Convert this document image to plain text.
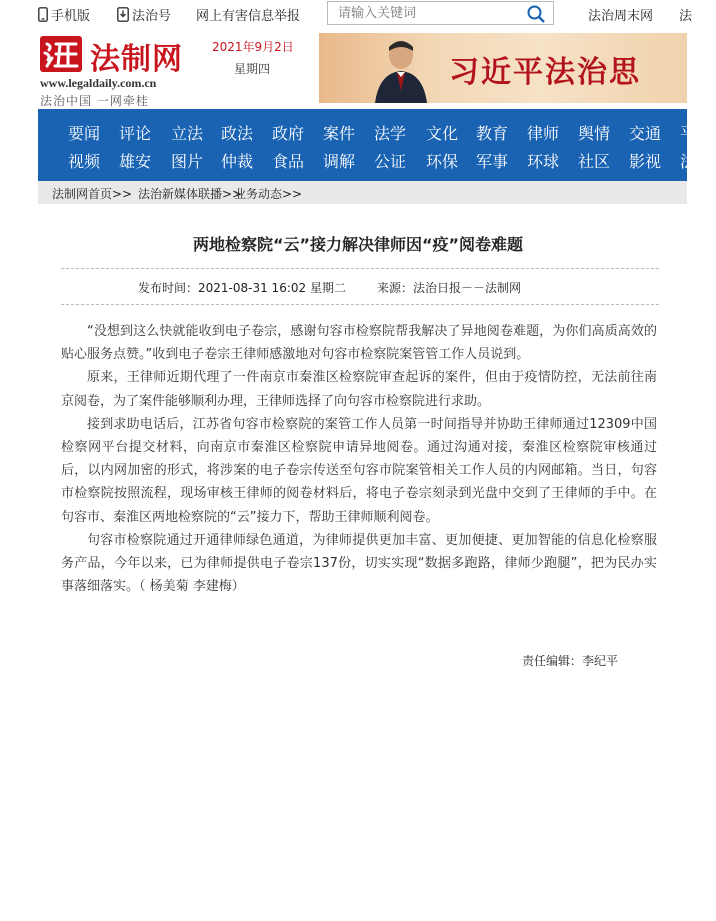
手机版	法治号 网上有害信息举报
请输入关键词	法治周末网 法
法制网
www.legaldaily.com.cn
法治中国 一网牵桂
2021年9月2日
星期四	习近平法治思
要闻 评论 立法 政法 政府 案件 法学 文化 教育 律师 舆情 交通 平
视频 雄安 图片 仲裁 食品 调解 公证 环保 军事 环球 社区 影视 法
法制网首页>> 法治新媒体联播>>
业务动态>>
两地检察院“云”接力解决律师因“疫”阅卷难题
发布时间：2021-08-31 16:02 星期二	来源：法治日报－－法制网

“没想到这么快就能收到电子卷宗，感谢句容市检察院帮我解决了异地阅卷难题，为你们高质高效的贴心服务点赞。”收到电子卷宗王律师感激地对句容市检察院案管管工作人员说到。

原来，王律师近期代理了一件南京市秦淮区检察院审查起诉的案件，但由于疫情防控，无法前往南京阅卷，为了案件能够顺利办理，王律师选择了向句容市检察院进行求助。

接到求助电话后，江苏省句容市检察院的案管工作人员第一时间指导并协助王律师通过12309中国检察网平台提交材料，向南京市秦淮区检察院申请异地阅卷。通过沟通对接，秦淮区检察院审核通过后，以内网加密的形式，将涉案的电子卷宗传送至句容市院案管相关工作人员的内网邮箱。当日，句容市检察院按照流程，现场审核王律师的阅卷材料后，将电子卷宗刻录到光盘中交到了王律师的手中。在句容市、秦淮区两地检察院的“云”接力下，帮助王律师顺利阅卷。

句容市检察院通过开通律师绿色通道，为律师提供更加丰富、更加便捷、更加智能的信息化检察服务产品，今年以来，已为律师提供电子卷宗137份，切实实现“数据多跑路，律师少跑腿”，把为民办实事落细落实。（ 杨美菊 李建梅）

责任编辑：李纪平
